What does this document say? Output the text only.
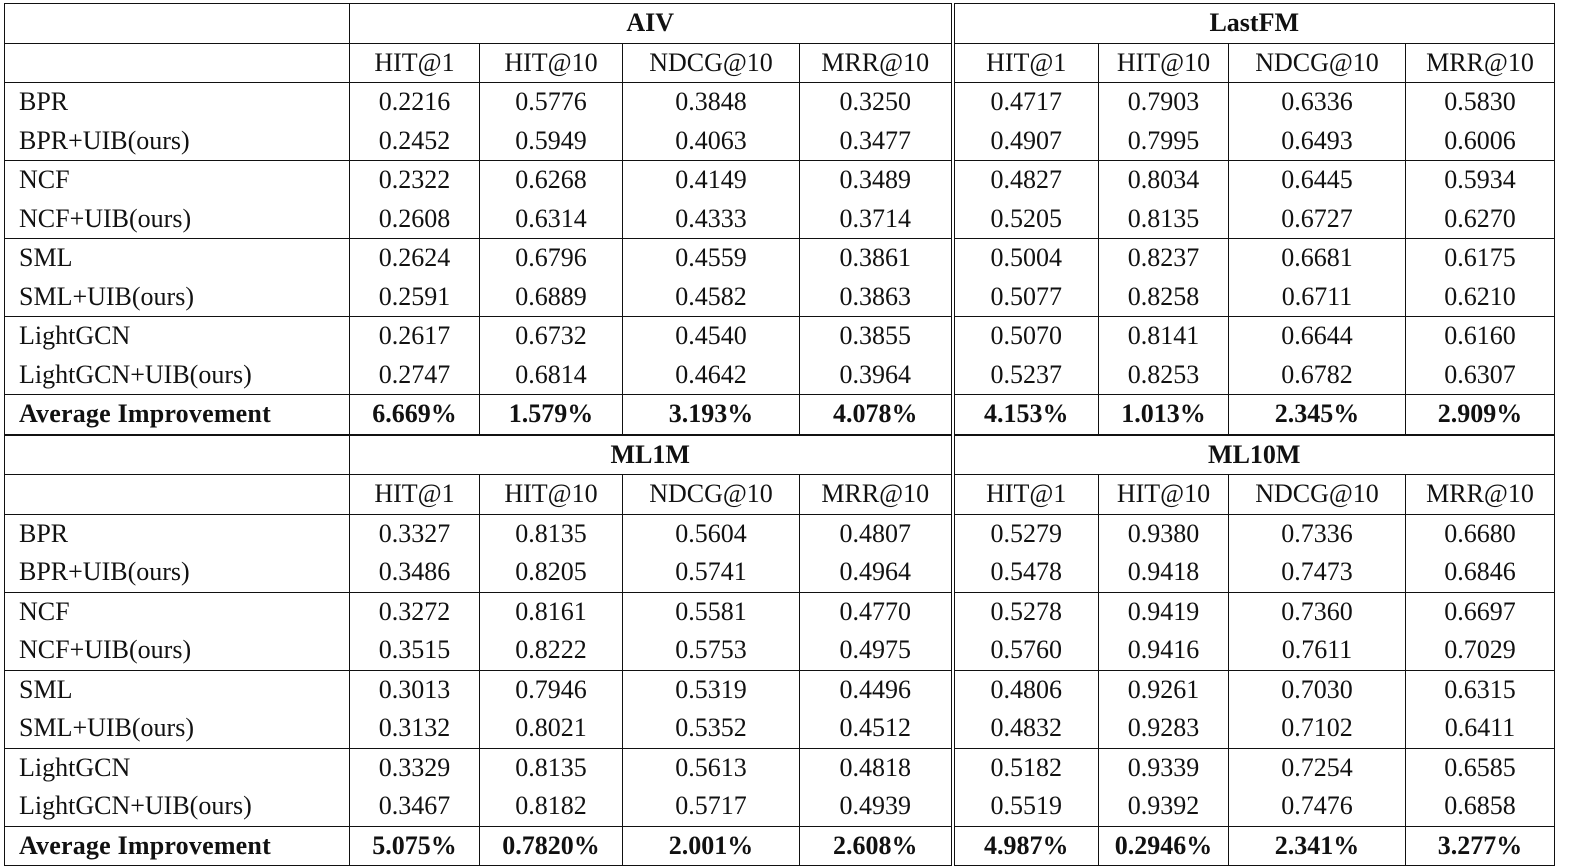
	AIV				LastFM			
	HIT@1	HIT@10	NDCG@10	MRR@10	HIT@1	HIT@10	NDCG@10	MRR@10
BPR	0.2216	0.5776	0.3848	0.3250	0.4717	0.7903	0.6336	0.5830
BPR+UIB(ours)	0.2452	0.5949	0.4063	0.3477	0.4907	0.7995	0.6493	0.6006
NCF	0.2322	0.6268	0.4149	0.3489	0.4827	0.8034	0.6445	0.5934
NCF+UIB(ours)	0.2608	0.6314	0.4333	0.3714	0.5205	0.8135	0.6727	0.6270
SML	0.2624	0.6796	0.4559	0.3861	0.5004	0.8237	0.6681	0.6175
SML+UIB(ours)	0.2591	0.6889	0.4582	0.3863	0.5077	0.8258	0.6711	0.6210
LightGCN	0.2617	0.6732	0.4540	0.3855	0.5070	0.8141	0.6644	0.6160
LightGCN+UIB(ours)	0.2747	0.6814	0.4642	0.3964	0.5237	0.8253	0.6782	0.6307
Average Improvement	6.669%	1.579%	3.193%	4.078%	4.153%	1.013%	2.345%	2.909%
	ML1M				ML10M			
	HIT@1	HIT@10	NDCG@10	MRR@10	HIT@1	HIT@10	NDCG@10	MRR@10
BPR	0.3327	0.8135	0.5604	0.4807	0.5279	0.9380	0.7336	0.6680
BPR+UIB(ours)	0.3486	0.8205	0.5741	0.4964	0.5478	0.9418	0.7473	0.6846
NCF	0.3272	0.8161	0.5581	0.4770	0.5278	0.9419	0.7360	0.6697
NCF+UIB(ours)	0.3515	0.8222	0.5753	0.4975	0.5760	0.9416	0.7611	0.7029
SML	0.3013	0.7946	0.5319	0.4496	0.4806	0.9261	0.7030	0.6315
SML+UIB(ours)	0.3132	0.8021	0.5352	0.4512	0.4832	0.9283	0.7102	0.6411
LightGCN	0.3329	0.8135	0.5613	0.4818	0.5182	0.9339	0.7254	0.6585
LightGCN+UIB(ours)	0.3467	0.8182	0.5717	0.4939	0.5519	0.9392	0.7476	0.6858
Average Improvement	5.075%	0.7820%	2.001%	2.608%	4.987%	0.2946%	2.341%	3.277%
